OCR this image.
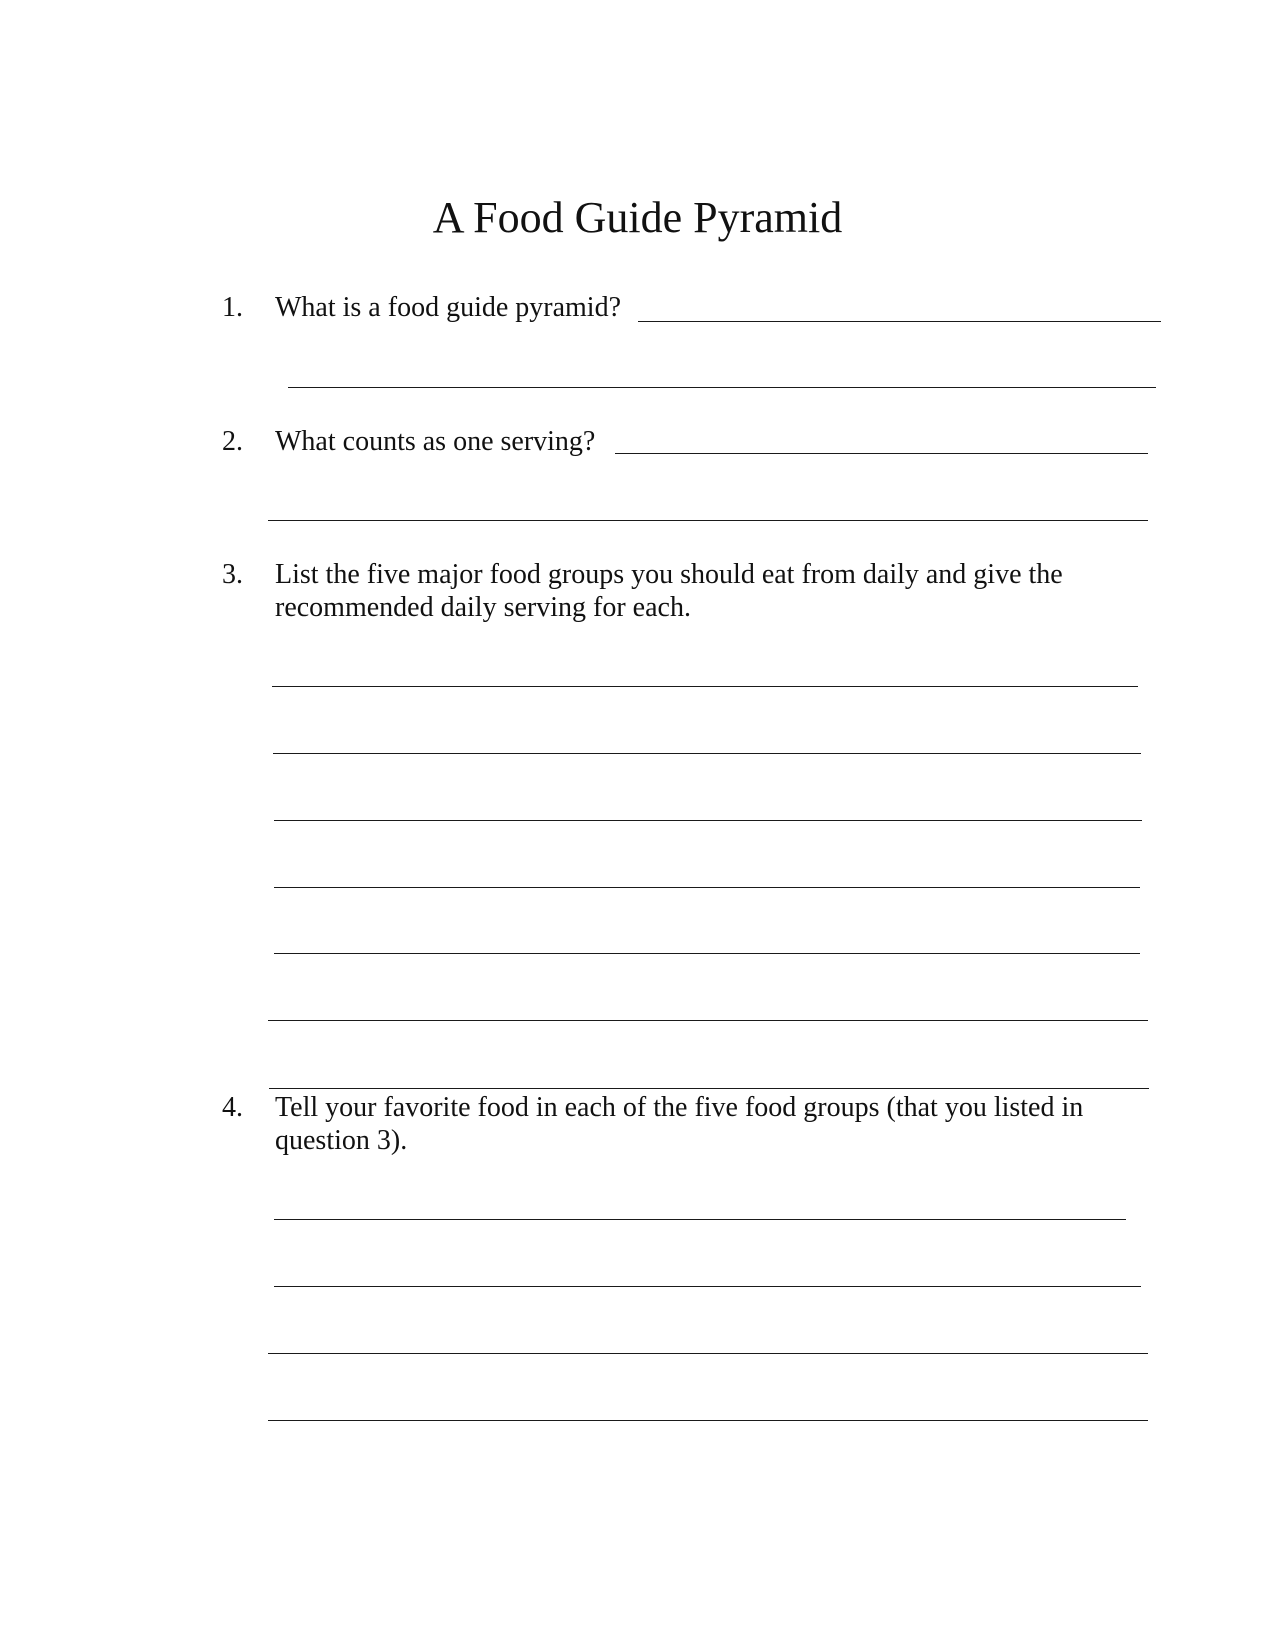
A Food Guide Pyramid
1. What is a food guide pyramid?
2. What counts as one serving?
3. List the five major food groups you should eat from daily and give the
recommended daily serving for each.
4. Tell your favorite food in each of the five food groups (that you listed in
question 3).
